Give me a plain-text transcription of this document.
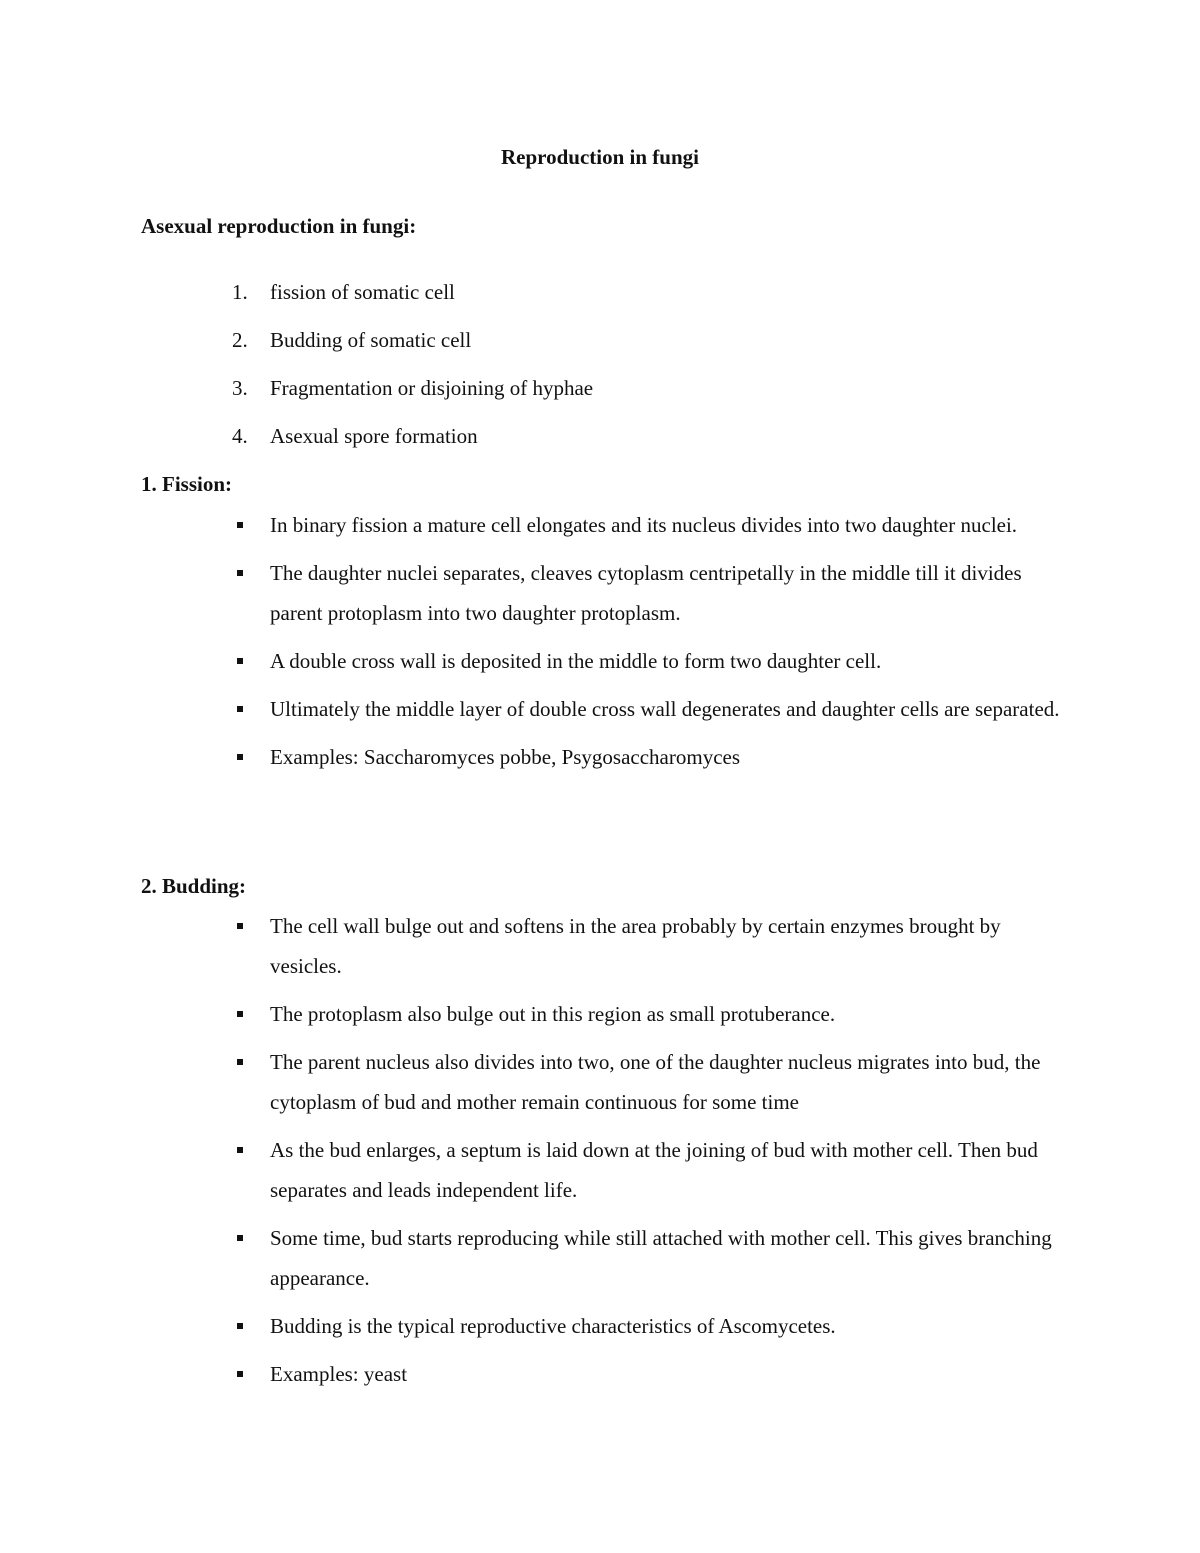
Reproduction in fungi
Asexual reproduction in fungi:
1.	fission of somatic cell
2.	Budding of somatic cell
3.	Fragmentation or disjoining of hyphae
4.	Asexual spore formation
1. Fission:
In binary fission a mature cell elongates and its nucleus divides into two daughter nuclei.
The daughter nuclei separates, cleaves cytoplasm centripetally in the middle till it divides parent protoplasm into two daughter protoplasm.
A double cross wall is deposited in the middle to form two daughter cell.
Ultimately the middle layer of double cross wall degenerates and daughter cells are separated.
Examples: Saccharomyces pobbe, Psygosaccharomyces
2. Budding:
The cell wall bulge out and softens in the area probably by certain enzymes brought by vesicles.
The protoplasm also bulge out in this region as small protuberance.
The parent nucleus also divides into two, one of the daughter nucleus migrates into bud, the cytoplasm of bud and mother remain continuous for some time
As the bud enlarges, a septum is laid down at the joining of bud with mother cell. Then bud separates and leads independent life.
Some time, bud starts reproducing while still attached with mother cell. This gives branching appearance.
Budding is the typical reproductive characteristics of Ascomycetes.
Examples: yeast
